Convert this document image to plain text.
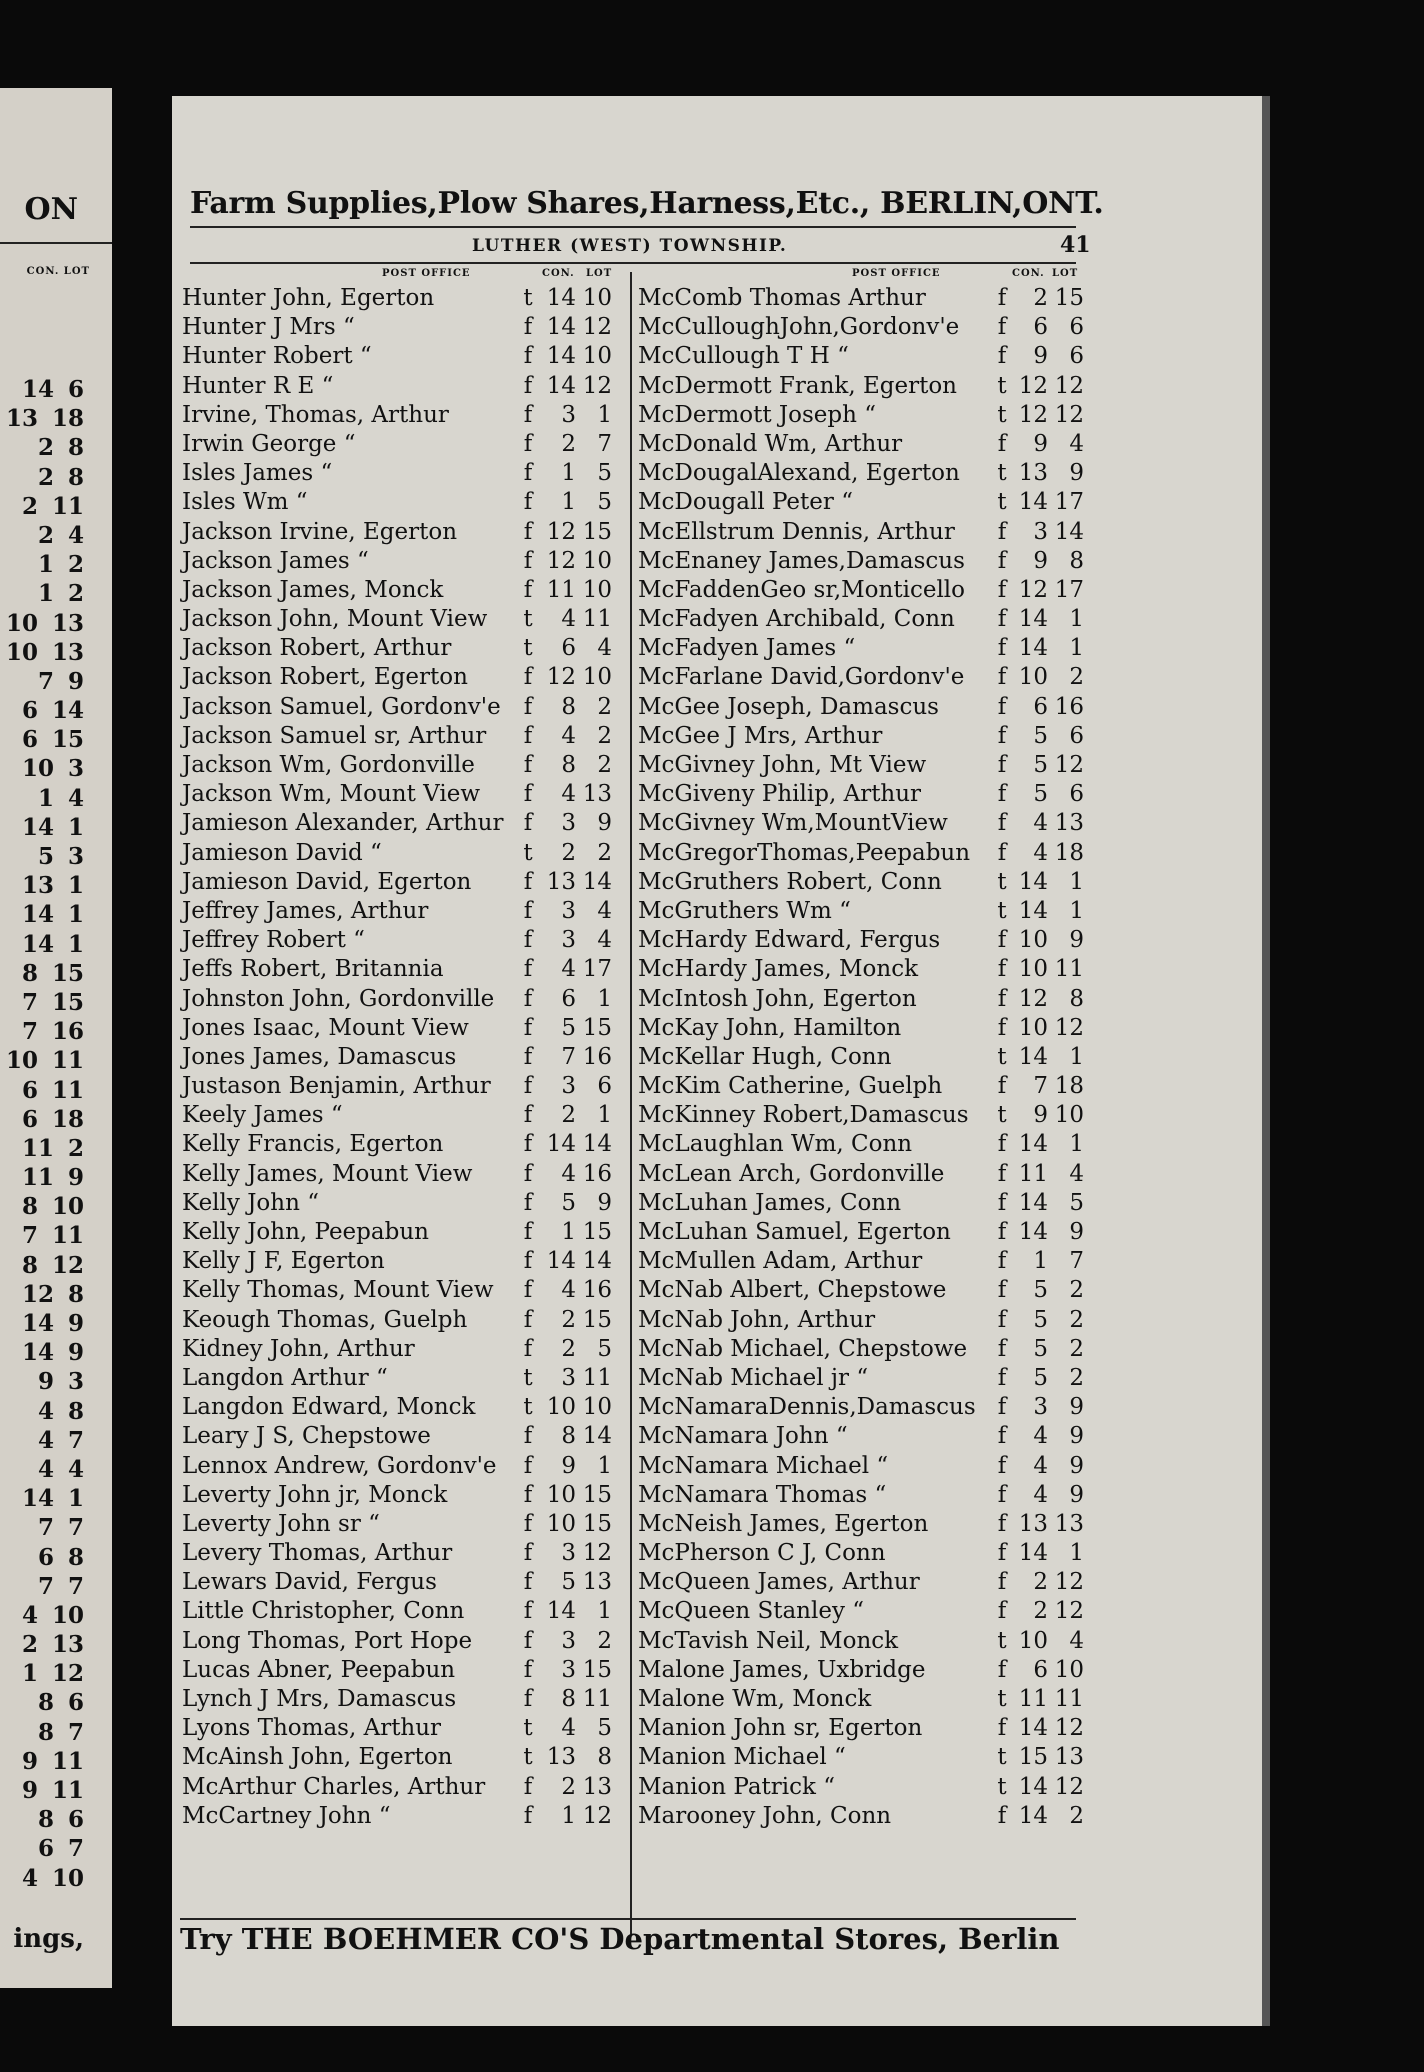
ON
CON. LOT
14 6
13 18
2 8
2 8
2 11
2 4
1 2
1 2
10 13
10 13
7 9
6 14
6 15
10 3
1 4
14 1
5 3
13 1
14 1
14 1
8 15
7 15
7 16
10 11
6 11
6 18
11 2
11 9
8 10
7 11
8 12
12 8
14 9
14 9
9 3
4 8
4 7
4 4
14 1
7 7
6 8
7 7
4 10
2 13
1 12
8 6
8 7
9 11
9 11
8 6
6 7
4 10
ings,
Farm Supplies,Plow Shares,Harness,Etc., BERLIN,ONT.
LUTHER (WEST) TOWNSHIP.	41
POST OFFICE	CON. LOT	POST OFFICE	CON. LOT
Hunter John, Egerton	t 14 10
Hunter J Mrs “	f 14 12
Hunter Robert “	f 14 10
Hunter R E “	f 14 12
Irvine, Thomas, Arthur	f	3 1
Irwin George “	f	2 7
Isles James “	f	1 5
Isles Wm “	f	1 5
Jackson Irvine, Egerton	f 12 15
Jackson James “	f 12 10
Jackson James, Monck	f 11 10
Jackson John, Mount View	t	4 11
Jackson Robert, Arthur	t	6 4
Jackson Robert, Egerton	f 12 10
Jackson Samuel, Gordonv'e	f	8 2
Jackson Samuel sr, Arthur	f	4 2
Jackson Wm, Gordonville	f	8 2
Jackson Wm, Mount View	f	4 13
Jamieson Alexander, Arthur f	3 9
Jamieson David “	t	2 2
Jamieson David, Egerton	f 13 14
Jeffrey James, Arthur	f	3 4
Jeffrey Robert “	f	3 4
Jeffs Robert, Britannia	f	4 17
Johnston John, Gordonville	f	6 1
Jones Isaac, Mount View	f	5 15
Jones James, Damascus	f	7 16
Justason Benjamin, Arthur	f	3 6
Keely James “	f	2 1
Kelly Francis, Egerton	f 14 14
Kelly James, Mount View	f	4 16
Kelly John “	f	5 9
Kelly John, Peepabun	f	1 15
Kelly J F, Egerton	f 14 14
Kelly Thomas, Mount View	f	4 16
Keough Thomas, Guelph	f	2 15
Kidney John, Arthur	f	2 5
Langdon Arthur “	t	3 11
Langdon Edward, Monck	t 10 10
Leary J S, Chepstowe	f	8 14
Lennox Andrew, Gordonv'e	f	9 1
Leverty John jr, Monck	f 10 15
Leverty John sr “	f 10 15
Levery Thomas, Arthur	f	3 12
Lewars David, Fergus	f	5 13
Little Christopher, Conn	f 14 1
Long Thomas, Port Hope	f	3 2
Lucas Abner, Peepabun	f	3 15
Lynch J Mrs, Damascus	f	8 11
Lyons Thomas, Arthur	t	4 5
McAinsh John, Egerton	t 13 8
McArthur Charles, Arthur	f	2 13
McCartney John “	f	1 12
McComb Thomas Arthur	f	2 15
McCulloughJohn,Gordonv'e	f	6 6
McCullough T H “	f	9 6
McDermott Frank, Egerton	t 12 12
McDermott Joseph “	t 12 12
McDonald Wm, Arthur	f	9 4
McDougalAlexand, Egerton	t 13 9
McDougall Peter “	t 14 17
McEllstrum Dennis, Arthur	f	3 14
McEnaney James,Damascus	f	9 8
McFaddenGeo sr,Monticello	f 12 17
McFadyen Archibald, Conn	f 14 1
McFadyen James “	f 14 1
McFarlane David,Gordonv'e	f 10 2
McGee Joseph, Damascus	f	6 16
McGee J Mrs, Arthur	f	5 6
McGivney John, Mt View	f	5 12
McGiveny Philip, Arthur	f	5 6
McGivney Wm,MountView	f	4 13
McGregorThomas,Peepabun	f	4 18
McGruthers Robert, Conn	t 14 1
McGruthers Wm “	t 14 1
McHardy Edward, Fergus	f 10 9
McHardy James, Monck	f 10 11
McIntosh John, Egerton	f 12 8
McKay John, Hamilton	f 10 12
McKellar Hugh, Conn	t 14 1
McKim Catherine, Guelph	f	7 18
McKinney Robert,Damascus	t	9 10
McLaughlan Wm, Conn	f 14 1
McLean Arch, Gordonville	f 11 4
McLuhan James, Conn	f 14 5
McLuhan Samuel, Egerton	f 14 9
McMullen Adam, Arthur	f	1 7
McNab Albert, Chepstowe	f	5 2
McNab John, Arthur	f	5 2
McNab Michael, Chepstowe	f	5 2
McNab Michael jr “	f	5 2
McNamaraDennis,Damascus f	3 9
McNamara John “	f	4 9
McNamara Michael “	f	4 9
McNamara Thomas “	f	4 9
McNeish James, Egerton	f 13 13
McPherson C J, Conn	f 14 1
McQueen James, Arthur	f	2 12
McQueen Stanley “	f	2 12
McTavish Neil, Monck	t 10 4
Malone James, Uxbridge	f	6 10
Malone Wm, Monck	t 11 11
Manion John sr, Egerton	f 14 12
Manion Michael “	t 15 13
Manion Patrick “	t 14 12
Marooney John, Conn	f 14 2
Try THE BOEHMER CO'S Departmental Stores, Berlin
